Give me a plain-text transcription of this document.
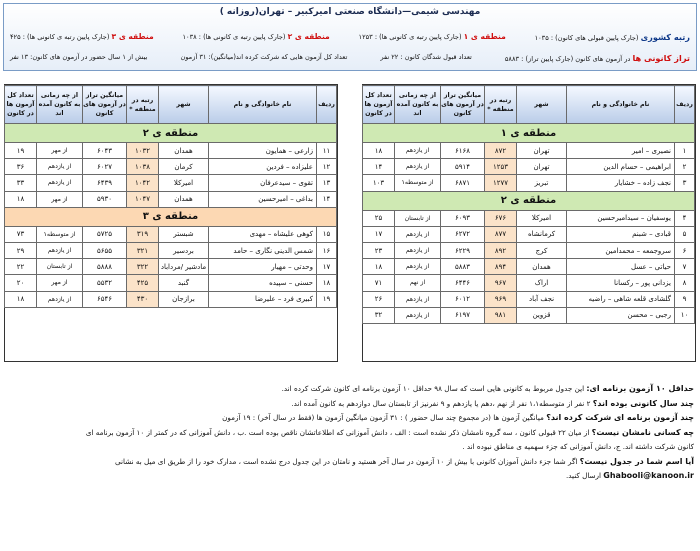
مهندسی شیمی—دانشگاه صنعتی امیرکبیر – تهران(روزانه )
رتبه کشوری (جارک پایین قبولی های کانون) : ۱۰۳۵
منطقه ی ۱ (جارک پایین رتبه ی کانونی ها) : ۱۲۵۳
منطقه ی ۲ (جارک پایین رتبه ی کانونی ها) : ۱۰۳۸
منطقه ی ۳ (جارک پایین رتبه ی کانونی ها) : ۴۲۵
تراز کانونی ها در آزمون های کانون (جارک پایین تراز) : ۵۸۸۳
تعداد قبول شدگان کانون : ۲۲ نفر
تعداد کل آزمون هایی که شرکت کرده اند(میانگین): ۳۱ آزمون
بیش از ۱ سال حضور در آزمون های کانون: ۱۳ نفر
ردیف	نام خانوادگی و نام	شهر	رتبه در منطقه *	میانگین تراز در آزمون های کانون	از چه زمانی به کانون آمده اند	تعداد کل آزمون ها در کانون
منطقه ی ۱						
۱	نصیری – امیر	تهران	۸۷۲	۶۱۶۸	از یازدهم	۱۸
۲	ابراهیمی – حسام الدین	تهران	۱۲۵۳	۵۹۱۴	از یازدهم	۱۴
۳	نجف زاده – خشایار	تبریز	۱۲۷۷	۶۸۷۱	از متوسطه۱	۱۰۳
منطقه ی ۲						
۴	یوسفیان – سیدامیرحسین	امیرکلا	۶۷۶	۶۰۹۳	از تابستان	۲۵
۵	قبادی – شبنم	کرمانشاه	۸۷۷	۶۲۷۲	از یازدهم	۱۷
۶	سروجمعه – محمدامین	کرج	۸۹۲	۶۲۲۹	از یازدهم	۲۳
۷	حیاتی – عسل	همدان	۸۹۴	۵۸۸۳	از یازدهم	۱۸
۸	یزدانی پور – رکسانا	اراک	۹۶۷	۶۴۴۶	از نهم	۷۱
۹	گلشادی قلعه شاهی – راضیه	نجف آباد	۹۶۹	۶۰۱۲	از یازدهم	۲۶
۱۰	رجبی – محسن	قزوین	۹۸۱	۶۱۹۷	از یازدهم	۳۲
ردیف	نام خانوادگی و نام	شهر	رتبه در منطقه *	میانگین تراز در آزمون های کانون	از چه زمانی به کانون آمده اند	تعداد کل آزمون ها در کانون
منطقه ی ۲						
۱۱	زارعی – همایون	همدان	۱۰۳۲	۶۰۴۳	از مهر	۱۹
۱۲	علیزاده – فردین	کرمان	۱۰۳۸	۶۰۲۷	از یازدهم	۳۶
۱۳	تقوی – سیدعرفان	امیرکلا	۱۰۴۲	۶۴۳۹	از یازدهم	۳۳
۱۴	بداغی – امیرحسین	همدان	۱۰۴۷	۵۹۳۰	از مهر	۱۸
منطقه ی ۳						
۱۵	کوهی علیشاه – مهدی	شبستر	۳۱۹	۵۷۲۵	از متوسطه۱	۷۳
۱۶	شمس الدینی نگاری – حامد	بردسیر	۳۲۱	۵۶۵۵	از یازدهم	۲۹
۱۷	وحدتی – مهیار	مادشیر /مرداباد	۳۲۲	۵۸۸۸	از تابستان	۲۲
۱۸	حسنی – سپیده	گنبد	۴۲۵	۵۵۳۲	از مهر	۲۰
۱۹	کبیری فرد – علیرضا	برازجان	۴۳۰	۶۵۴۶	از یازدهم	۱۸

حداقل ۱۰ آزمون برنامه ای: این جدول مربوط به کانونی هایی است که سال ۹۸ حداقل ۱۰ آزمون برنامه ای کانون شرکت کرده اند.

چند سال کانونی بوده اند؟ ۲ نفر از متوسطه۱،۱ نفر از نهم ،دهم یا یازدهم و ۹ نفرنیز از تابستان سال دوازدهم به کانون آمده اند.

چند آزمون برنامه ای شرکت کرده اند؟ میانگین آزمون ها (در مجموع چند سال حضور ) : ۳۱ آزمون میانگین آزمون ها (فقط در سال آخر) : ۱۹ آزمون

چه کسانی نامشان نیست؟ از میان ۲۲ قبولی کانون ، سه گروه نامشان ذکر نشده است : الف ، دانش آموزانی که اطلاعاتشان ناقص بوده است .ب ، دانش آموزانی که در کمتر از ۱۰ آزمون برنامه ای

کانون شرکت داشته اند. ج، دانش آموزانی که جزء سهمیه ی مناطق نبوده اند .

آیا اسم شما در جدول نیست؟ اگر شما جزء دانش آموزان کانونی با بیش از ۱۰ آزمون در سال آخر هستید و نامتان در این جدول درج نشده است ، مدارک خود را از طریق ای میل به نشانی

Ghabooli@kanoon.ir ارسال کنید.
